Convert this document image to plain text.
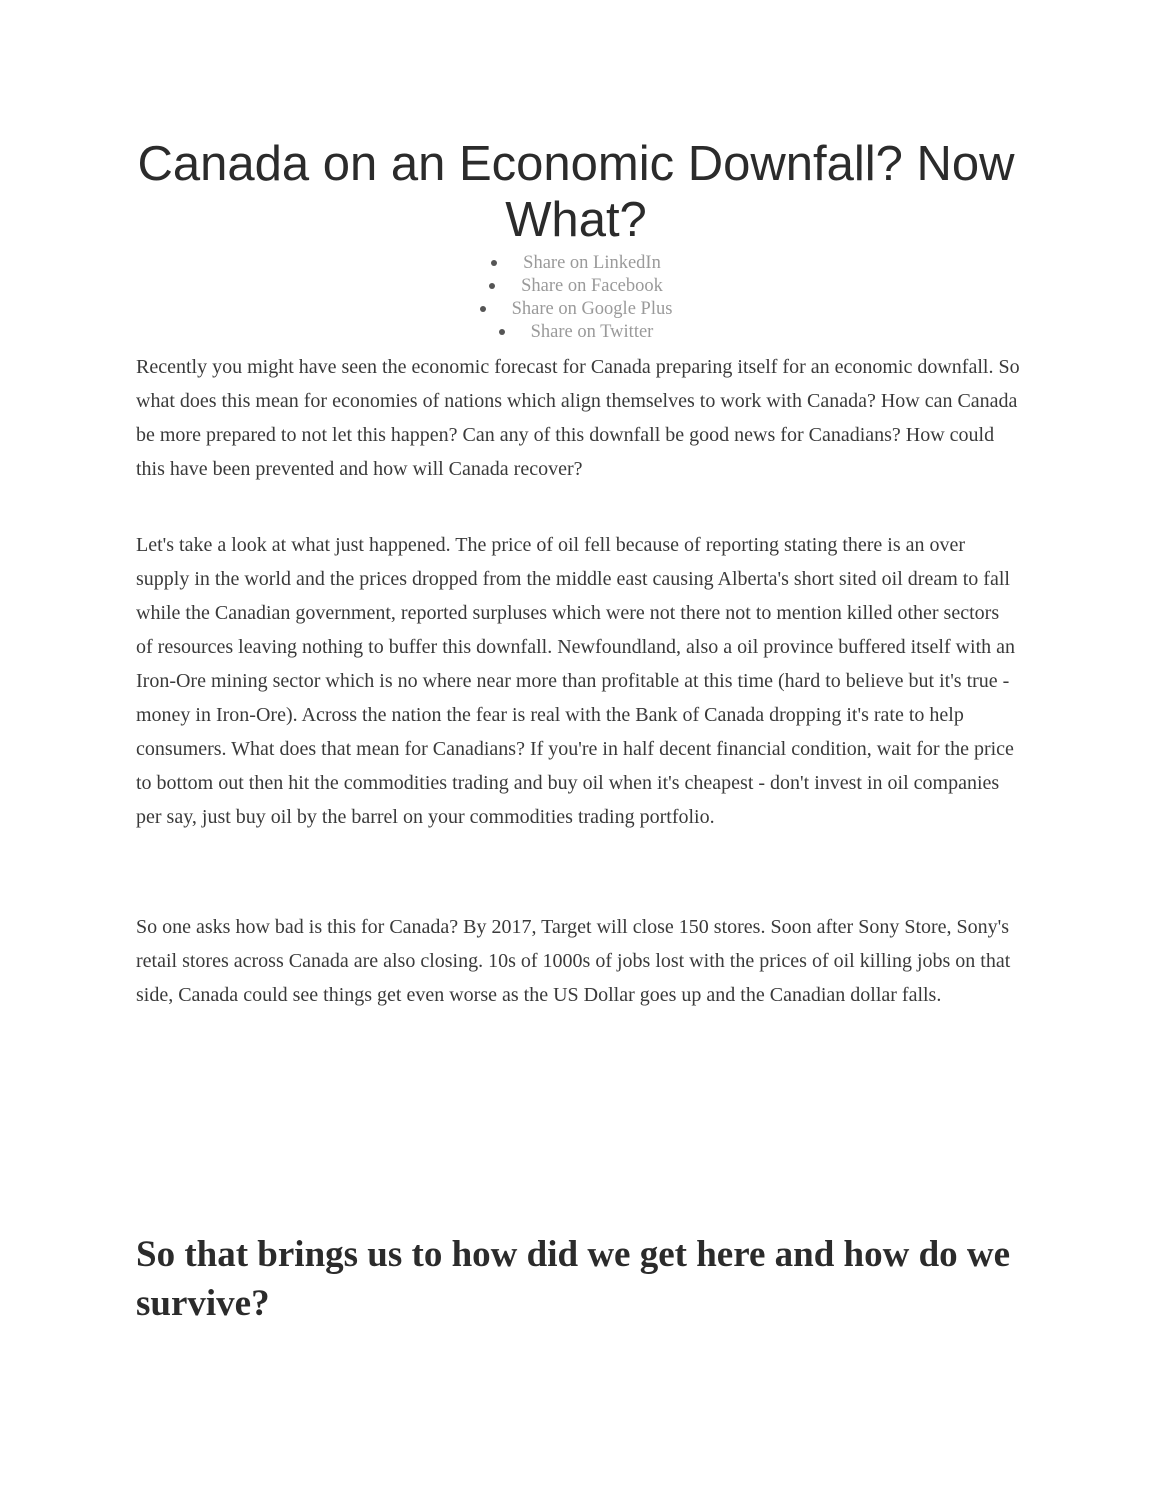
Canada on an Economic Downfall? Now What?
Share on LinkedIn
Share on Facebook
Share on Google Plus
Share on Twitter

Recently you might have seen the economic forecast for Canada preparing itself for an economic downfall. So what does this mean for economies of nations which align themselves to work with Canada? How can Canada be more prepared to not let this happen? Can any of this downfall be good news for Canadians? How could this have been prevented and how will Canada recover?

Let's take a look at what just happened. The price of oil fell because of reporting stating there is an over supply in the world and the prices dropped from the middle east causing Alberta's short sited oil dream to fall while the Canadian government, reported surpluses which were not there not to mention killed other sectors of resources leaving nothing to buffer this downfall. Newfoundland, also a oil province buffered itself with an Iron-Ore mining sector which is no where near more than profitable at this time (hard to believe but it's true - money in Iron-Ore). Across the nation the fear is real with the Bank of Canada dropping it's rate to help consumers. What does that mean for Canadians? If you're in half decent financial condition, wait for the price to bottom out then hit the commodities trading and buy oil when it's cheapest - don't invest in oil companies per say, just buy oil by the barrel on your commodities trading portfolio.

So one asks how bad is this for Canada? By 2017, Target will close 150 stores. Soon after Sony Store, Sony's retail stores across Canada are also closing. 10s of 1000s of jobs lost with the prices of oil killing jobs on that side, Canada could see things get even worse as the US Dollar goes up and the Canadian dollar falls.

So that brings us to how did we get here and how do we survive?
